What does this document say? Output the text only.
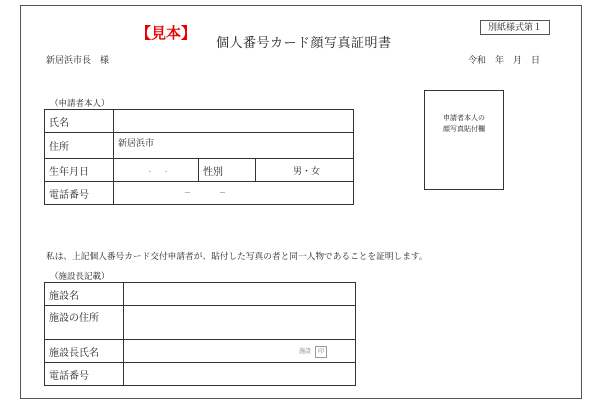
【見本】
個人番号カード顔写真証明書
別紙様式第１
新居浜市長　様	令和　年　月　日
（申請者本人）
氏名			
住所	新居浜市		
生年月日	.　　.	性別	男・女
電話番号	－　　　　－		
申請者本人の
顔写真貼付欄
私は、上記個人番号カード交付申請者が、貼付した写真の者と同一人物であることを証明します。
（施設長記載）
施設名	
施設の住所	
施設長氏名	施設 印
電話番号	
